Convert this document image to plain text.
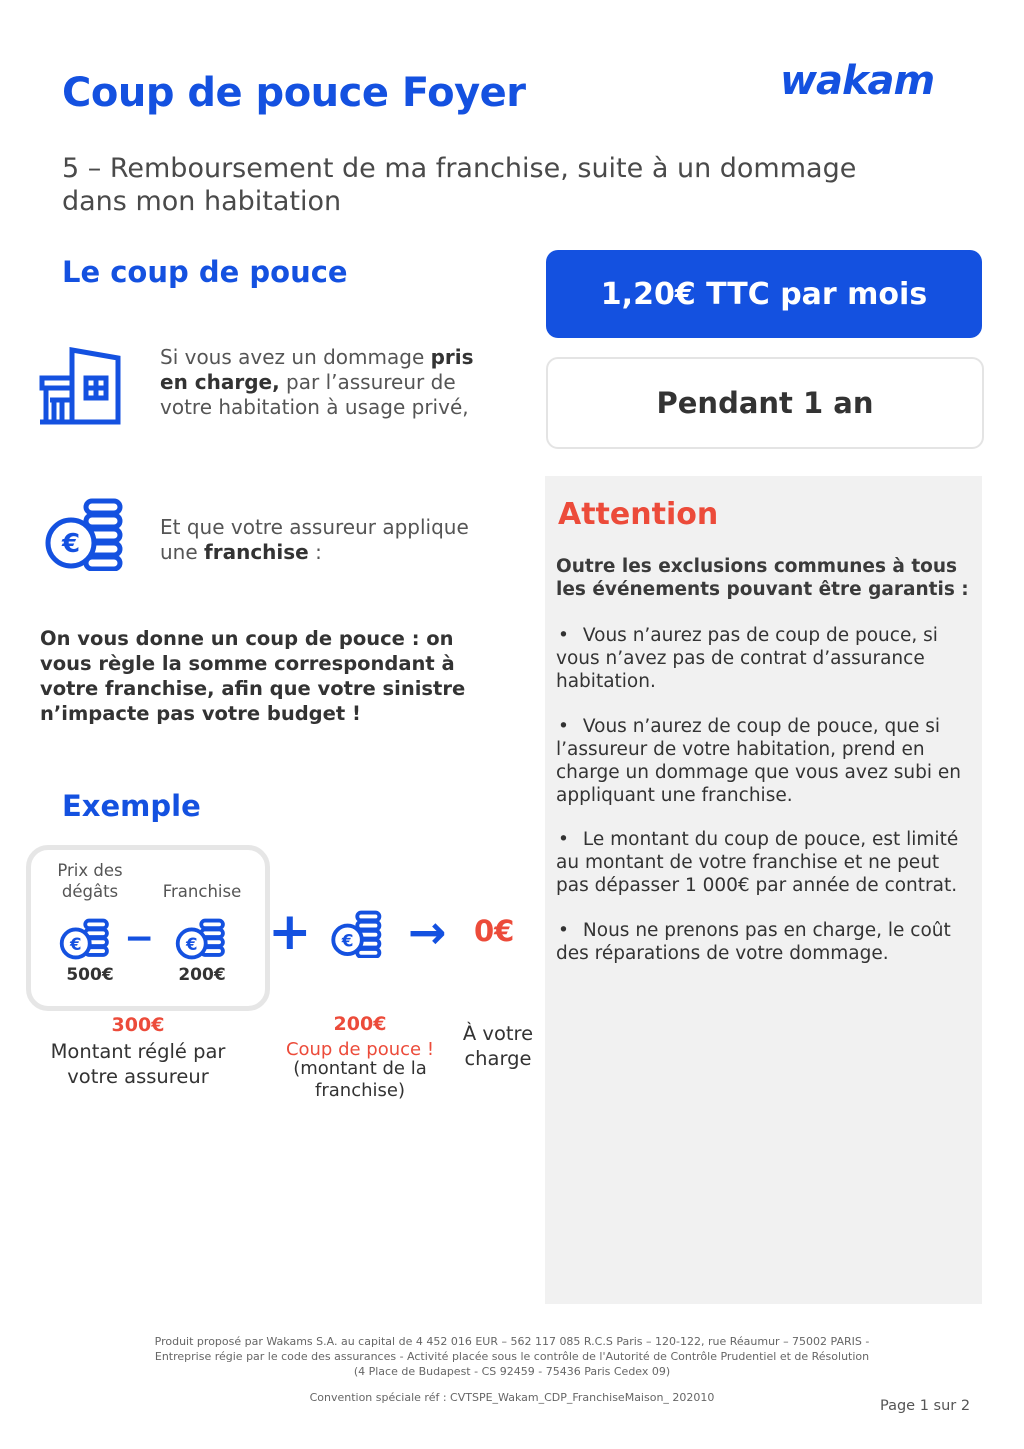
Coup de pouce Foyer	wakam
5 – Remboursement de ma franchise, suite à un dommage dans mon habitation
Le coup de pouce
Si vous avez un dommage pris en charge, par l’assureur de votre habitation à usage privé,
€
Et que votre assureur applique une franchise :
On vous donne un coup de pouce : on vous règle la somme correspondant à votre franchise, afin que votre sinistre n’impacte pas votre budget !
1,20€ TTC par mois
Pendant 1 an
Attention
Outre les exclusions communes à tous les événements pouvant être garantis :
• Vous n’aurez pas de coup de pouce, si vous n’avez pas de contrat d’assurance habitation.
• Vous n’aurez de coup de pouce, que si l’assureur de votre habitation, prend en charge un dommage que vous avez subi en appliquant une franchise.
• Le montant du coup de pouce, est limité au montant de votre franchise et ne peut pas dépasser 1 000€ par année de contrat.
• Nous ne prenons pas en charge, le coût des réparations de votre dommage.
Exemple
Prix des dégâts	Franchise
€ − €
500€	200€
+ € → 0€
300€
Montant réglé par votre assureur
200€
Coup de pouce !
(montant de la franchise)
À votre charge
Produit proposé par Wakams S.A. au capital de 4 452 016 EUR – 562 117 085 R.C.S Paris – 120-122, rue Réaumur – 75002 PARIS -
Entreprise régie par le code des assurances - Activité placée sous le contrôle de l'Autorité de Contrôle Prudentiel et de Résolution
(4 Place de Budapest - CS 92459 - 75436 Paris Cedex 09)
Convention spéciale réf : CVTSPE_Wakam_CDP_FranchiseMaison_ 202010
Page 1 sur 2
